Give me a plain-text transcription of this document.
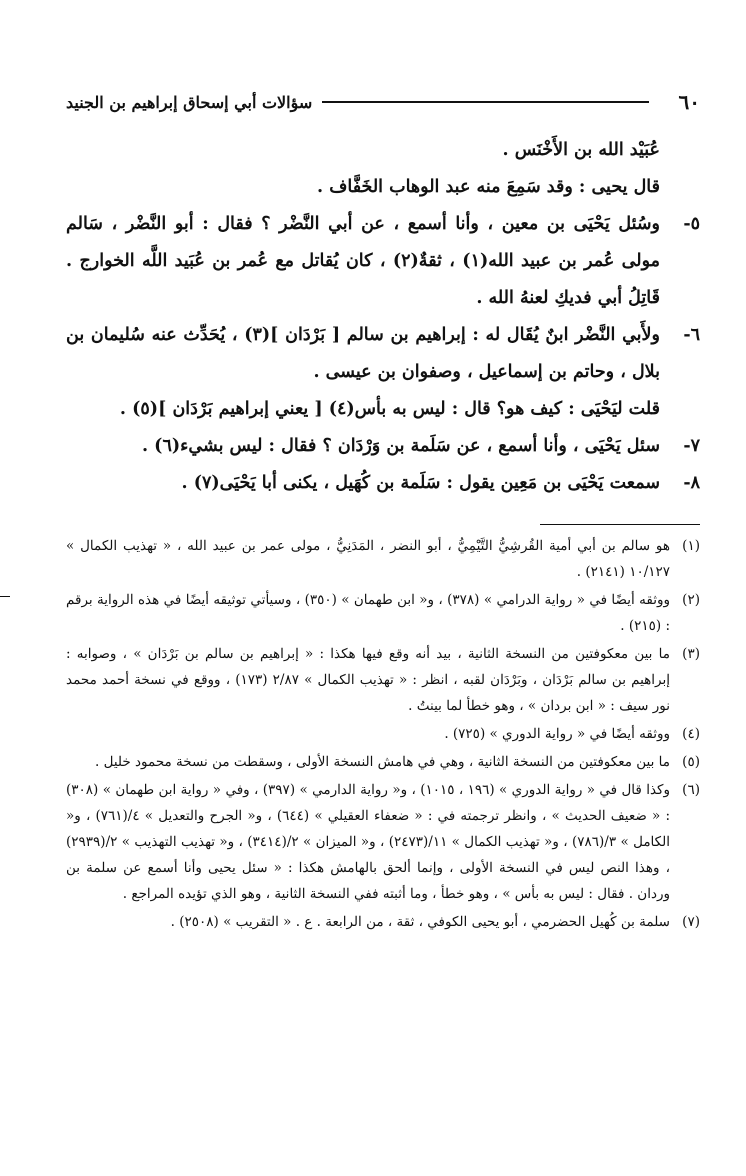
٦٠
سؤالات أبي إسحاق إبراهيم بن الجنيد

عُبَيْد الله بن الأَخْنَس .

قال يحيى : وقد سَمِعَ منه عبد الوهاب الخَفَّاف .

٥-وسُئل يَحْيَى بن معين ، وأنا أسمع ، عن أبي النَّضْر ؟ فقال : أبو النَّضْر ، سَالم مولى عُمر بن عبيد الله(١) ، ثقةٌ(٢) ، كان يُقاتل مع عُمر بن عُبَيد اللَّه الخوارج . قَاتِلُ أبي فديكِ لعنهُ الله .

٦-ولأَبي النَّضْر ابنٌ يُقَال له : إبراهيم بن سالم [ بَرْدَان ](٣) ، يُحَدِّث عنه سُليمان بن بلال ، وحاتم بن إسماعيل ، وصفوان بن عيسى .

قلت ليَحْيَى : كيف هو؟ قال : ليس به بأس(٤) [ يعني إبراهيم بَرْدَان ](٥) .

٧-سئل يَحْيَى ، وأنا أسمع ، عن سَلَمة بن وَرْدَان ؟ فقال : ليس بشيء(٦) .

٨-سمعت يَحْيَى بن مَعِين يقول : سَلَمة بن كُهَيل ، يكنى أبا يَحْيَى(٧) .

(١)هو سالم بن أبي أمية القُرشِيُّ التَّيْمِيُّ ، أبو النضر ، المَدَنِيُّ ، مولى عمر بن عبيد الله ، « تهذيب الكمال » ١٠/١٢٧ (٢١٤١) .

(٢)ووثقه أيضًا في « رواية الدرامي » (٣٧٨) ، و« ابن طهمان » (٣٥٠) ، وسيأتي توثيقه أيضًا في هذه الرواية برقم : (٢١٥) .

(٣)ما بين معكوفتين من النسخة الثانية ، بيد أنه وقع فيها هكذا : « إبراهيم بن سالم بن بَرْدَان » ، وصوابه : إبراهيم بن سالم بَرْدَان ، وبَرْدَان لقبه ، انظر : « تهذيب الكمال » ٢/٨٧ (١٧٣) ، ووقع في نسخة أحمد محمد نور سيف : « ابن بردان » ، وهو خطأ لما بينتُ .

(٤)ووثقه أيضًا في « رواية الدوري » (٧٢٥) .

(٥)ما بين معكوفتين من النسخة الثانية ، وهي في هامش النسخة الأولى ، وسقطت من نسخة محمود خليل .

(٦)وكذا قال في « رواية الدوري » (١٩٦ ، ١٠١٥) ، و« رواية الدارمي » (٣٩٧) ، وفي « رواية ابن طهمان » (٣٠٨) : « ضعيف الحديث » ، وانظر ترجمته في : « ضعفاء العقيلي » (٦٤٤) ، و« الجرح والتعديل » ٤/(٧٦١) ، و« الكامل » ٣/(٧٨٦) ، و« تهذيب الكمال » ١١/(٢٤٧٣) ، و« الميزان » ٢/(٣٤١٤) ، و« تهذيب التهذيب » ٢/(٢٩٣٩) ، وهذا النص ليس في النسخة الأولى ، وإنما ألحق بالهامش هكذا : « سئل يحيى وأنا أسمع عن سلمة بن وردان . فقال : ليس به بأس » ، وهو خطأ ، وما أثبته ففي النسخة الثانية ، وهو الذي تؤيده المراجع .

(٧)سلمة بن كُهيل الحضرمي ، أبو يحيى الكوفي ، ثقة ، من الرابعة . ع . « التقريب » (٢٥٠٨) .
